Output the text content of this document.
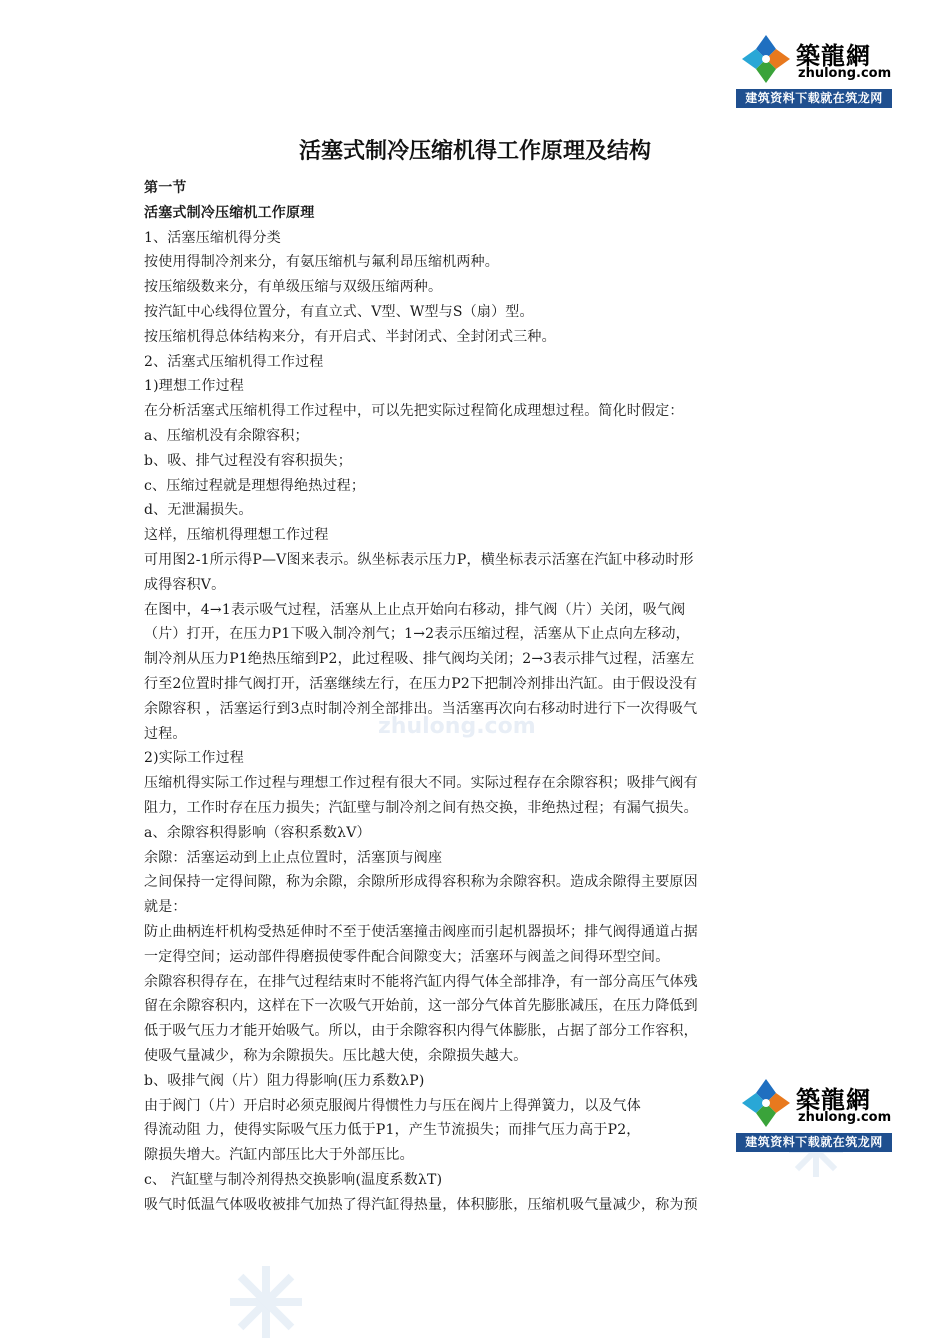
zhulong.com
築龍網
zhulong.com
建筑资料下载就在筑龙网
活塞式制冷压缩机得工作原理及结构
第一节
活塞式制冷压缩机工作原理
1、活塞压缩机得分类
按使用得制冷剂来分，有氨压缩机与氟利昂压缩机两种。
按压缩级数来分，有单级压缩与双级压缩两种。
按汽缸中心线得位置分，有直立式、V型、W型与S（扇）型。
按压缩机得总体结构来分，有开启式、半封闭式、全封闭式三种。
2、活塞式压缩机得工作过程
1)理想工作过程
在分析活塞式压缩机得工作过程中，可以先把实际过程简化成理想过程。简化时假定：
a、压缩机没有余隙容积；
b、吸、排气过程没有容积损失；
c、压缩过程就是理想得绝热过程；
d、无泄漏损失。
这样，压缩机得理想工作过程
可用图2-1所示得P—V图来表示。纵坐标表示压力P，横坐标表示活塞在汽缸中移动时形
成得容积V。
在图中，4→1表示吸气过程，活塞从上止点开始向右移动，排气阀（片）关闭，吸气阀
（片）打开，在压力P1下吸入制冷剂气；1→2表示压缩过程，活塞从下止点向左移动，
制冷剂从压力P1绝热压缩到P2，此过程吸、排气阀均关闭；2→3表示排气过程，活塞左
行至2位置时排气阀打开，活塞继续左行，在压力P2下把制冷剂排出汽缸。由于假设没有
余隙容积 ，活塞运行到3点时制冷剂全部排出。当活塞再次向右移动时进行下一次得吸气
过程。
2)实际工作过程
压缩机得实际工作过程与理想工作过程有很大不同。实际过程存在余隙容积；吸排气阀有
阻力，工作时存在压力损失；汽缸壁与制冷剂之间有热交换，非绝热过程；有漏气损失。
a、余隙容积得影响（容积系数λV）
余隙：活塞运动到上止点位置时，活塞顶与阀座
之间保持一定得间隙，称为余隙，余隙所形成得容积称为余隙容积。造成余隙得主要原因
就是：
防止曲柄连杆机构受热延伸时不至于使活塞撞击阀座而引起机器损坏；排气阀得通道占据
一定得空间；运动部件得磨损使零件配合间隙变大；活塞环与阀盖之间得环型空间。
余隙容积得存在，在排气过程结束时不能将汽缸内得气体全部排净，有一部分高压气体残
留在余隙容积内，这样在下一次吸气开始前，这一部分气体首先膨胀减压，在压力降低到
低于吸气压力才能开始吸气。所以，由于余隙容积内得气体膨胀，占据了部分工作容积，
使吸气量减少，称为余隙损失。压比越大使，余隙损失越大。
b、吸排气阀（片）阻力得影响(压力系数λP)
由于阀门（片）开启时必须克服阀片得惯性力与压在阀片上得弹簧力，以及气体
得流动阻 力，使得实际吸气压力低于P1，产生节流损失；而排气压力高于P2，
隙损失增大。汽缸内部压比大于外部压比。
c、 汽缸壁与制冷剂得热交换影响(温度系数λT)
吸气时低温气体吸收被排气加热了得汽缸得热量，体积膨胀，压缩机吸气量减少，称为预
築龍網
zhulong.com
建筑资料下载就在筑龙网
